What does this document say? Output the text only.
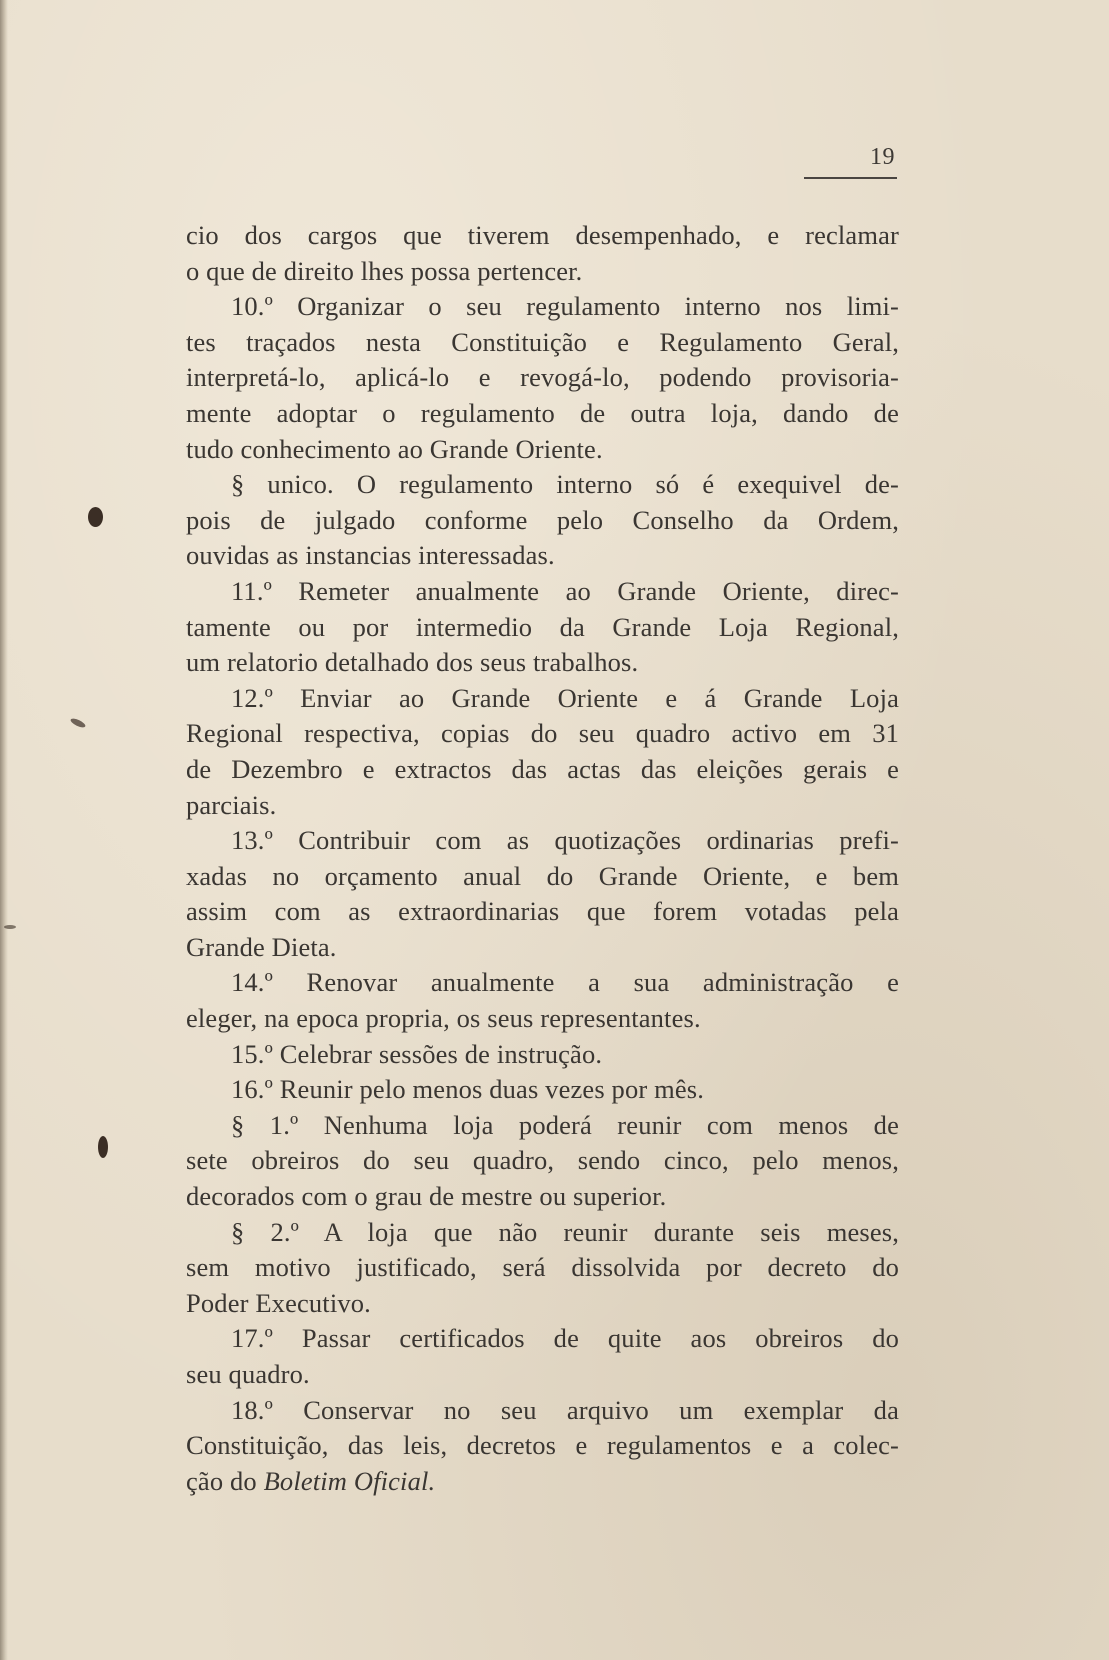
19
cio dos cargos que tiverem desempenhado, e reclamar
o que de direito lhes possa pertencer.
10.º Organizar o seu regulamento interno nos limi-
tes traçados nesta Constituição e Regulamento Geral,
interpretá-lo, aplicá-lo e revogá-lo, podendo provisoria-
mente adoptar o regulamento de outra loja, dando de
tudo conhecimento ao Grande Oriente.
§ unico. O regulamento interno só é exequivel de-
pois de julgado conforme pelo Conselho da Ordem,
ouvidas as instancias interessadas.
11.º Remeter anualmente ao Grande Oriente, direc-
tamente ou por intermedio da Grande Loja Regional,
um relatorio detalhado dos seus trabalhos.
12.º Enviar ao Grande Oriente e á Grande Loja
Regional respectiva, copias do seu quadro activo em 31
de Dezembro e extractos das actas das eleições gerais e
parciais.
13.º Contribuir com as quotizações ordinarias prefi-
xadas no orçamento anual do Grande Oriente, e bem
assim com as extraordinarias que forem votadas pela
Grande Dieta.
14.º Renovar anualmente a sua administração e
eleger, na epoca propria, os seus representantes.
15.º Celebrar sessões de instrução.
16.º Reunir pelo menos duas vezes por mês.
§ 1.º Nenhuma loja poderá reunir com menos de
sete obreiros do seu quadro, sendo cinco, pelo menos,
decorados com o grau de mestre ou superior.
§ 2.º A loja que não reunir durante seis meses,
sem motivo justificado, será dissolvida por decreto do
Poder Executivo.
17.º Passar certificados de quite aos obreiros do
seu quadro.
18.º Conservar no seu arquivo um exemplar da
Constituição, das leis, decretos e regulamentos e a colec-
ção do Boletim Oficial.
